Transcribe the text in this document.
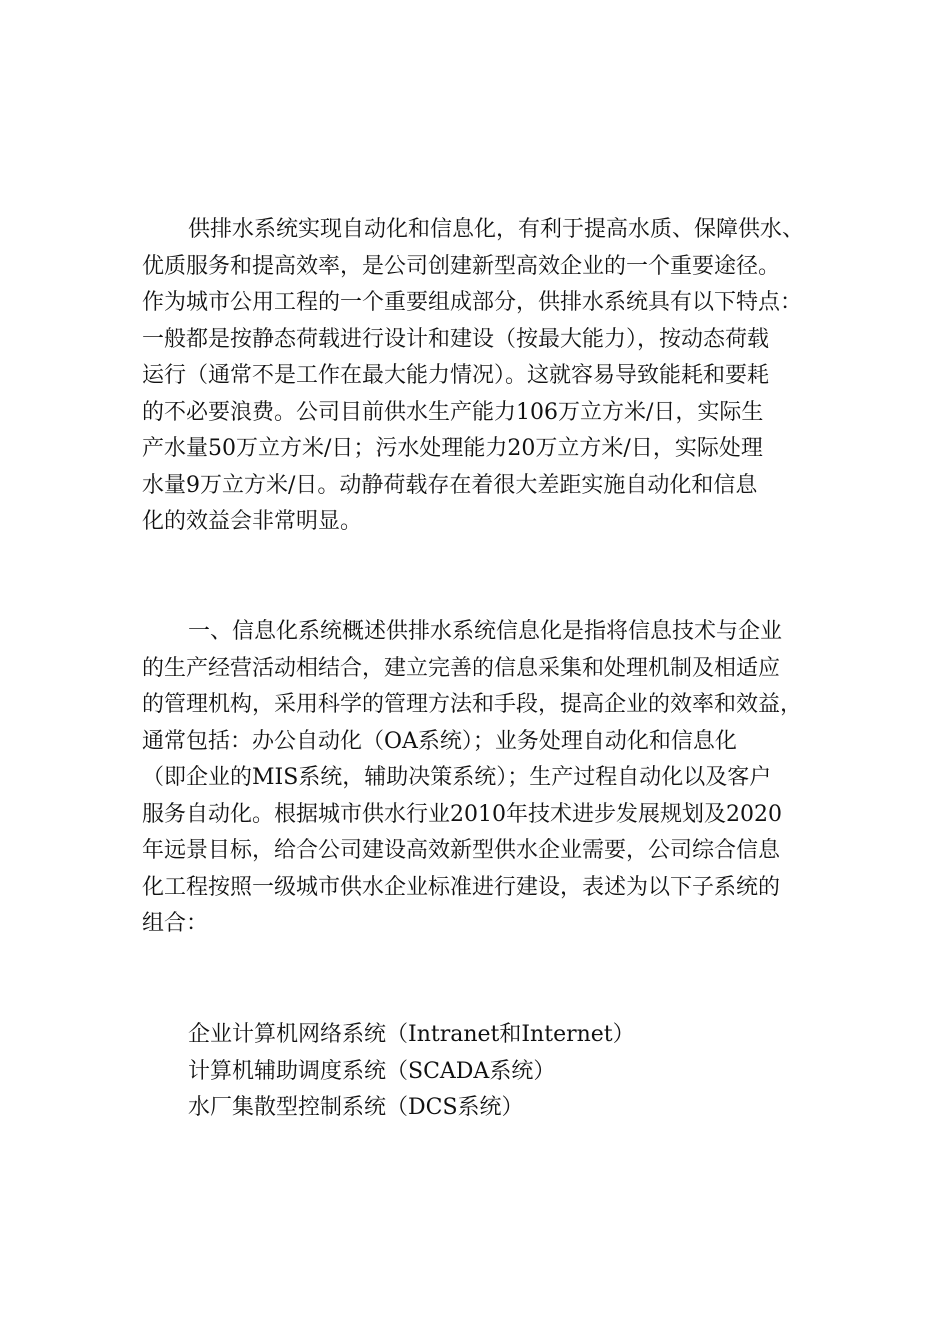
供排水系统实现自动化和信息化，有利于提高水质、保障供水、
优质服务和提高效率，是公司创建新型高效企业的一个重要途径。
作为城市公用工程的一个重要组成部分，供排水系统具有以下特点：
一般都是按静态荷载进行设计和建设（按最大能力），按动态荷载
运行（通常不是工作在最大能力情况）。这就容易导致能耗和要耗
的不必要浪费。公司目前供水生产能力106万立方米/日，实际生
产水量50万立方米/日；污水处理能力20万立方米/日，实际处理
水量9万立方米/日。动静荷载存在着很大差距实施自动化和信息
化的效益会非常明显。
一、信息化系统概述供排水系统信息化是指将信息技术与企业
的生产经营活动相结合，建立完善的信息采集和处理机制及相适应
的管理机构，采用科学的管理方法和手段，提高企业的效率和效益，
通常包括：办公自动化（OA系统）；业务处理自动化和信息化
（即企业的MIS系统，辅助决策系统）；生产过程自动化以及客户
服务自动化。根据城市供水行业2010年技术进步发展规划及2020
年远景目标，给合公司建设高效新型供水企业需要，公司综合信息
化工程按照一级城市供水企业标准进行建设，表述为以下子系统的
组合：
企业计算机网络系统（Intranet和Internet）
计算机辅助调度系统（SCADA系统）
水厂集散型控制系统（DCS系统）
